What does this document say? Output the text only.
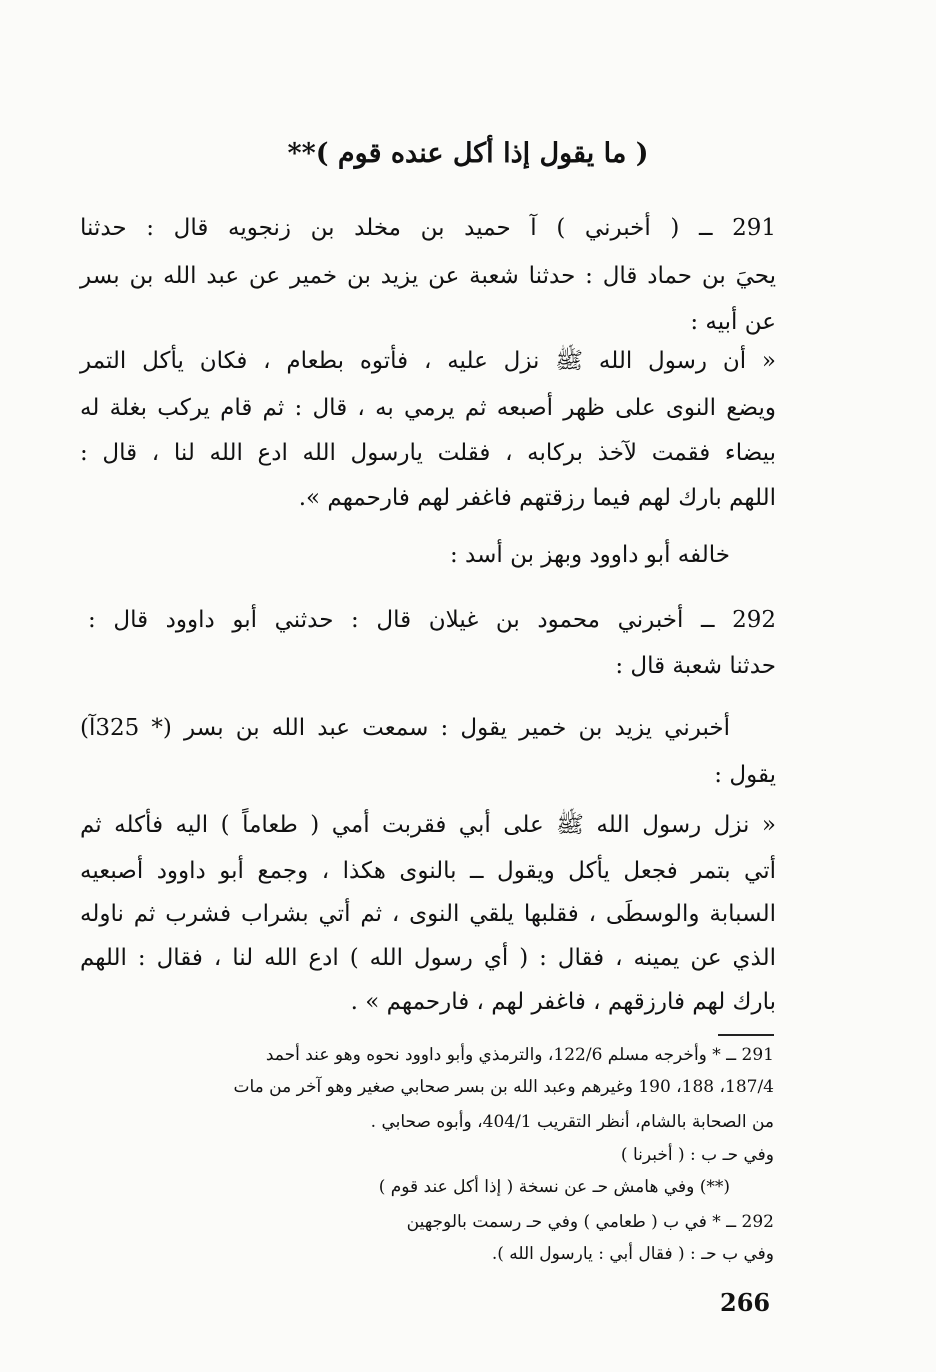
( ما يقول إذا أكل عنده قوم )**
291 ــ ( أخبرني ) آ حميد بن مخلد بن زنجويه قال : حدثنا
يحيَ بن حماد قال : حدثنا شعبة عن يزيد بن خمير عن عبد الله بن بسر
عن أبيه :
« أن رسول الله ﷺ نزل عليه ، فأتوه بطعام ، فكان يأكل التمر
ويضع النوى على ظهر أصبعه ثم يرمي به ، قال : ثم قام يركب بغلة له
بيضاء فقمت لآخذ بركابه ، فقلت يارسول الله ادع الله لنا ، قال :
اللهم بارك لهم فيما رزقتهم فاغفر لهم فارحمهم ».
خالفه أبو داوود وبهز بن أسد :
292 ــ أخبرني محمود بن غيلان قال : حدثني أبو داوود قال :
حدثنا شعبة قال :
أخبرني يزيد بن خمير يقول : سمعت عبد الله بن بسر (* 325آ)
يقول :
« نزل رسول الله ﷺ على أبي فقربت أمي ( طعاماً ) اليه فأكله ثم
أتي بتمر فجعل يأكل ويقول ــ بالنوى هكذا ، وجمع أبو داوود أصبعيه
السبابة والوسطَى ، فقلبها يلقي النوى ، ثم أتي بشراب فشرب ثم ناوله
الذي عن يمينه ، فقال : ( أي رسول الله ) ادع الله لنا ، فقال : اللهم
بارك لهم فارزقهم ، فاغفر لهم ، فارحمهم » .
291 ــ * وأخرجه مسلم 122/6، والترمذي وأبو داوود نحوه وهو عند أحمد
187/4، 188، 190 وغيرهم وعبد الله بن بسر صحابي صغير وهو آخر من مات
من الصحابة بالشام، أنظر التقريب 404/1، وأبوه صحابي .
وفي حـ ب : ( أخبرنا )
(**) وفي هامش حـ عن نسخة ( إذا أكل عند قوم )
292 ــ * في ب ( طعامي ) وفي حـ رسمت بالوجهين
وفي ب حـ : ( فقال أبي : يارسول الله ).
266
